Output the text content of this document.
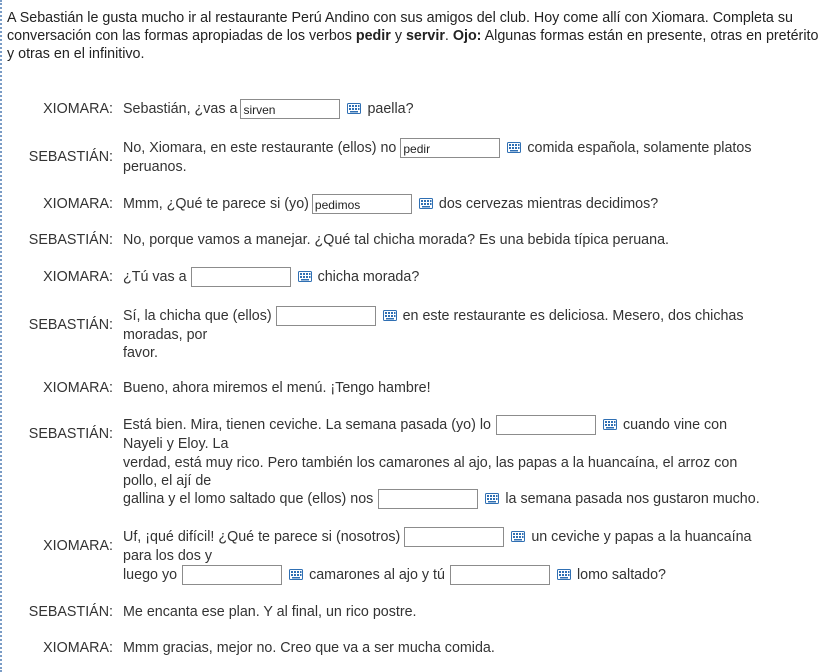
A Sebastián le gusta mucho ir al restaurante Perú Andino con sus amigos del club. Hoy come allí con Xiomara. Completa su conversación con las formas apropiadas de los verbos pedir y servir. Ojo: Algunas formas están en presente, otras en pretérito y otras en el infinitivo.
XIOMARA: Sebastián, ¿vas a
sirven	paella?
SEBASTIÁN:
No, Xiomara, en este restaurante (ellos) no
pedir	comida española, solamente platos
peruanos.
XIOMARA: Mmm, ¿Qué te parece si (yo)
pedimos	dos cervezas mientras decidimos?
SEBASTIÁN: No, porque vamos a manejar. ¿Qué tal chicha morada? Es una bebida típica peruana.
XIOMARA: ¿Tú vas a	chicha morada?
SEBASTIÁN:
Sí, la chicha que (ellos)	en este restaurante es deliciosa. Mesero, dos chichas
moradas, por
favor.
XIOMARA: Bueno, ahora miremos el menú. ¡Tengo hambre!
SEBASTIÁN:
Está bien. Mira, tienen ceviche. La semana pasada (yo) lo	cuando vine con
Nayeli y Eloy. La
verdad, está muy rico. Pero también los camarones al ajo, las papas a la huancaína, el arroz con
pollo, el ají de
gallina y el lomo saltado que (ellos) nos	la semana pasada nos gustaron mucho.
XIOMARA:
Uf, ¡qué difícil! ¿Qué te parece si (nosotros)	un ceviche y papas a la huancaína
para los dos y
luego yo	camarones al ajo y tú	lomo saltado?
SEBASTIÁN: Me encanta ese plan. Y al final, un rico postre.
XIOMARA: Mmm gracias, mejor no. Creo que va a ser mucha comida.
